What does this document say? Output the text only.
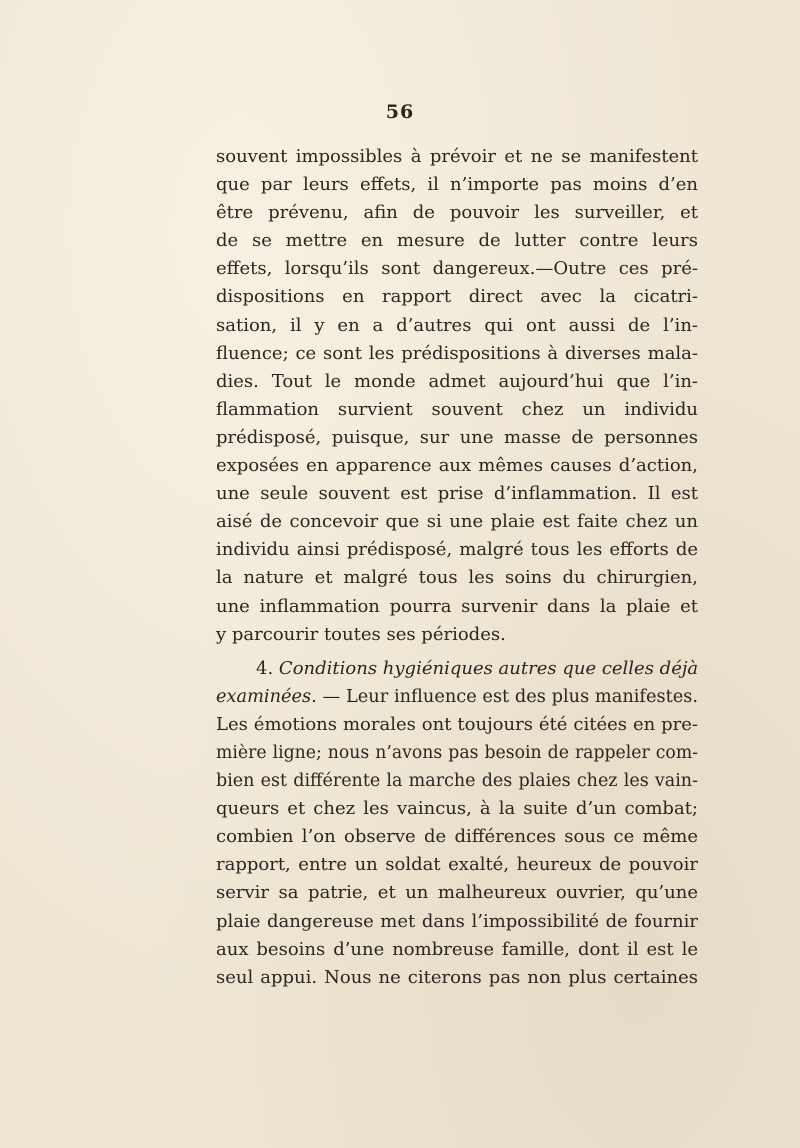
56
souvent impossibles à prévoir et ne se manifestent
que par leurs effets, il n’importe pas moins d’en
être prévenu, afin de pouvoir les surveiller, et
de se mettre en mesure de lutter contre leurs
effets, lorsqu’ils sont dangereux.—Outre ces pré-
dispositions en rapport direct avec la cicatri-
sation, il y en a d’autres qui ont aussi de l’in-
fluence; ce sont les prédispositions à diverses mala-
dies. Tout le monde admet aujourd’hui que l’in-
flammation survient souvent chez un individu
prédisposé, puisque, sur une masse de personnes
exposées en apparence aux mêmes causes d’action,
une seule souvent est prise d’inflammation. Il est
aisé de concevoir que si une plaie est faite chez un
individu ainsi prédisposé, malgré tous les efforts de
la nature et malgré tous les soins du chirurgien,
une inflammation pourra survenir dans la plaie et
y parcourir toutes ses périodes.
4. Conditions hygiéniques autres que celles déjà
examinées. — Leur influence est des plus manifestes.
Les émotions morales ont toujours été citées en pre-
mière ligne; nous n’avons pas besoin de rappeler com-
bien est différente la marche des plaies chez les vain-
queurs et chez les vaincus, à la suite d’un combat;
combien l’on observe de différences sous ce même
rapport, entre un soldat exalté, heureux de pouvoir
servir sa patrie, et un malheureux ouvrier, qu’une
plaie dangereuse met dans l’impossibilité de fournir
aux besoins d’une nombreuse famille, dont il est le
seul appui. Nous ne citerons pas non plus certaines
